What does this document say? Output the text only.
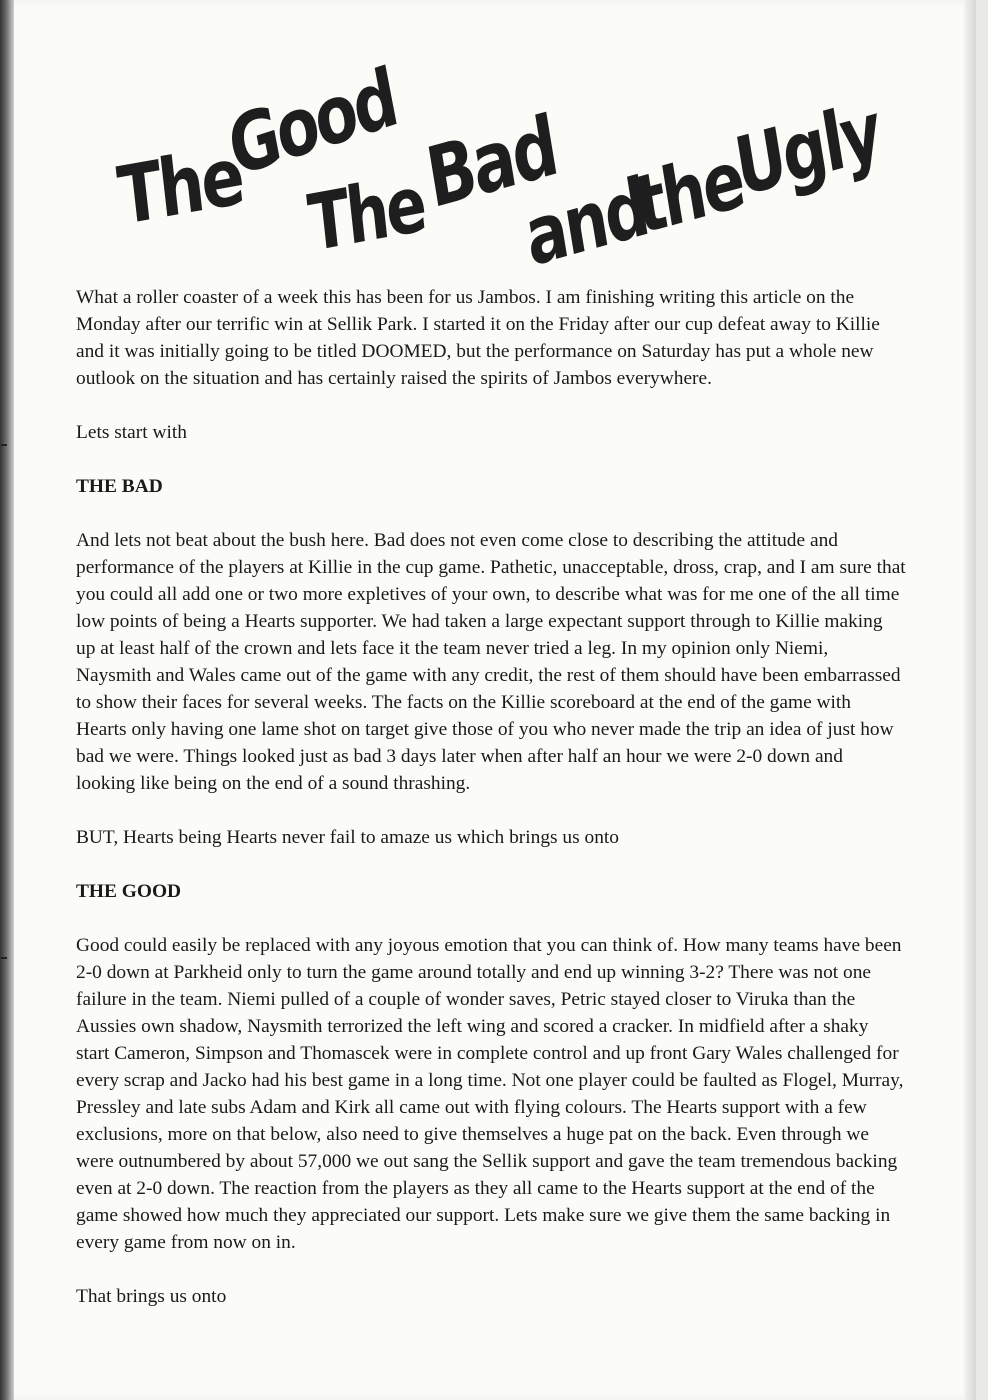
The
Good
The
Bad
and
the
Ugly

What a roller coaster of a week this has been for us Jambos. I am finishing writing this article on the Monday after our terrific win at Sellik Park. I started it on the Friday after our cup defeat away to Killie and it was initially going to be titled DOOMED, but the performance on Saturday has put a whole new outlook on the situation and has certainly raised the spirits of Jambos everywhere.

Lets start with

THE BAD

And lets not beat about the bush here. Bad does not even come close to describing the attitude and performance of the players at Killie in the cup game. Pathetic, unacceptable, dross, crap, and I am sure that you could all add one or two more expletives of your own, to describe what was for me one of the all time low points of being a Hearts supporter. We had taken a large expectant support through to Killie making up at least half of the crown and lets face it the team never tried a leg. In my opinion only Niemi, Naysmith and Wales came out of the game with any credit, the rest of them should have been embarrassed to show their faces for several weeks. The facts on the Killie scoreboard at the end of the game with Hearts only having one lame shot on target give those of you who never made the trip an idea of just how bad we were. Things looked just as bad 3 days later when after half an hour we were 2-0 down and looking like being on the end of a sound thrashing.

BUT, Hearts being Hearts never fail to amaze us which brings us onto

THE GOOD

Good could easily be replaced with any joyous emotion that you can think of. How many teams have been 2-0 down at Parkheid only to turn the game around totally and end up winning 3-2? There was not one failure in the team. Niemi pulled of a couple of wonder saves, Petric stayed closer to Viruka than the Aussies own shadow, Naysmith terrorized the left wing and scored a cracker. In midfield after a shaky start Cameron, Simpson and Thomascek were in complete control and up front Gary Wales challenged for every scrap and Jacko had his best game in a long time. Not one player could be faulted as Flogel, Murray, Pressley and late subs Adam and Kirk all came out with flying colours. The Hearts support with a few exclusions, more on that below, also need to give themselves a huge pat on the back. Even through we were outnumbered by about 57,000 we out sang the Sellik support and gave the team tremendous backing even at 2-0 down. The reaction from the players as they all came to the Hearts support at the end of the game showed how much they appreciated our support. Lets make sure we give them the same backing in every game from now on in.

That brings us onto
